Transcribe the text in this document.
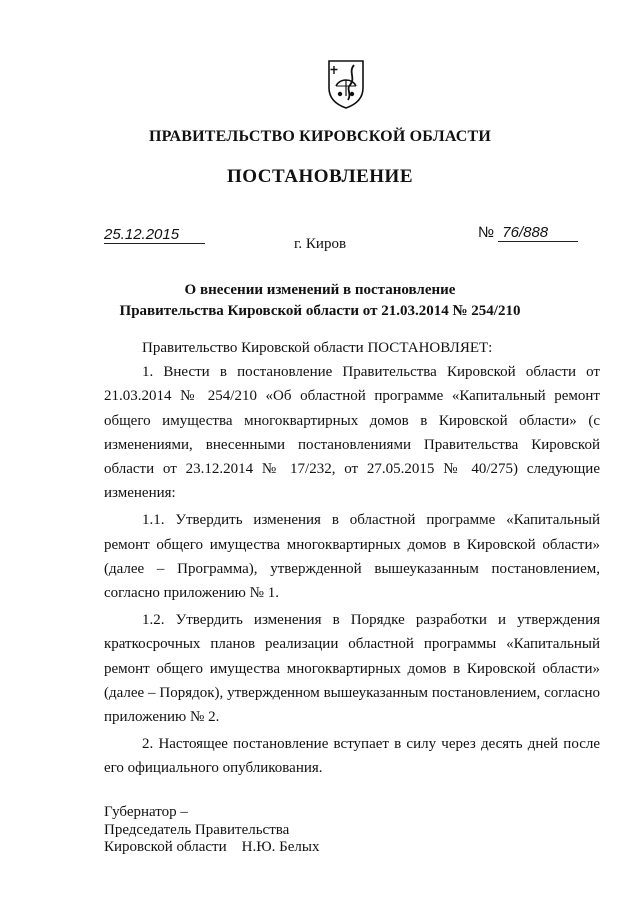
ПРАВИТЕЛЬСТВО КИРОВСКОЙ ОБЛАСТИ
ПОСТАНОВЛЕНИЕ
25.12.2015	№ 76/888
г. Киров
О внесении изменений в постановление
Правительства Кировской области от 21.03.2014 № 254/210

Правительство Кировской области ПОСТАНОВЛЯЕТ:

1. Внести в постановление Правительства Кировской области от 21.03.2014 № 254/210 «Об областной программе «Капитальный ремонт общего имущества многоквартирных домов в Кировской области» (с изменениями, внесенными постановлениями Правительства Кировской области от 23.12.2014 № 17/232, от 27.05.2015 № 40/275) следующие изменения:

1.1. Утвердить изменения в областной программе «Капитальный ремонт общего имущества многоквартирных домов в Кировской области» (далее – Программа), утвержденной вышеуказанным постановлением, согласно приложению № 1.

1.2. Утвердить изменения в Порядке разработки и утверждения краткосрочных планов реализации областной программы «Капитальный ремонт общего имущества многоквартирных домов в Кировской области» (далее – Порядок), утвержденном вышеуказанным постановлением, согласно приложению № 2.

2. Настоящее постановление вступает в силу через десять дней после его официального опубликования.

Губернатор –
Председатель Правительства
Кировской области    Н.Ю. Белых
